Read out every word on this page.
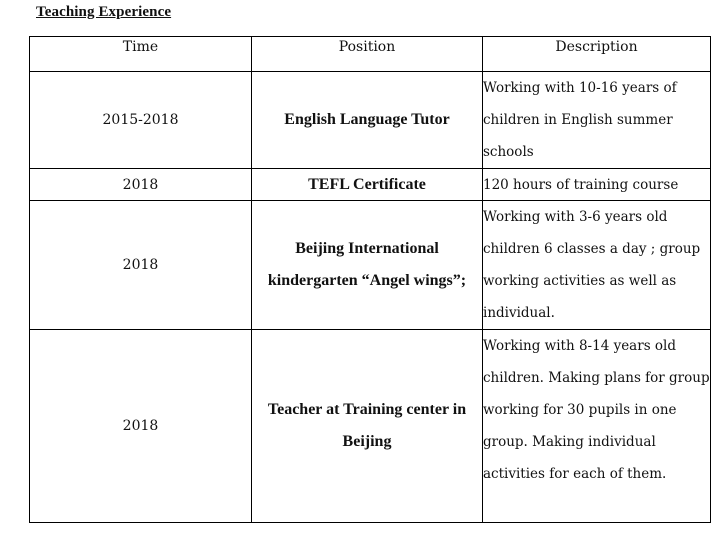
Teaching Experience
Time	Position	Description
2015-2018	English Language Tutor	Working with 10-16 years of children in English summer schools
2018	TEFL Certificate	120 hours of training course
2018	Beijing International kindergarten “Angel wings”;	Working with 3-6 years old children 6 classes a day ; group working activities as well as individual.
2018	Teacher at Training center in Beijing	Working with 8-14 years old children. Making plans for group working for 30 pupils in one group. Making individual activities for each of them.
